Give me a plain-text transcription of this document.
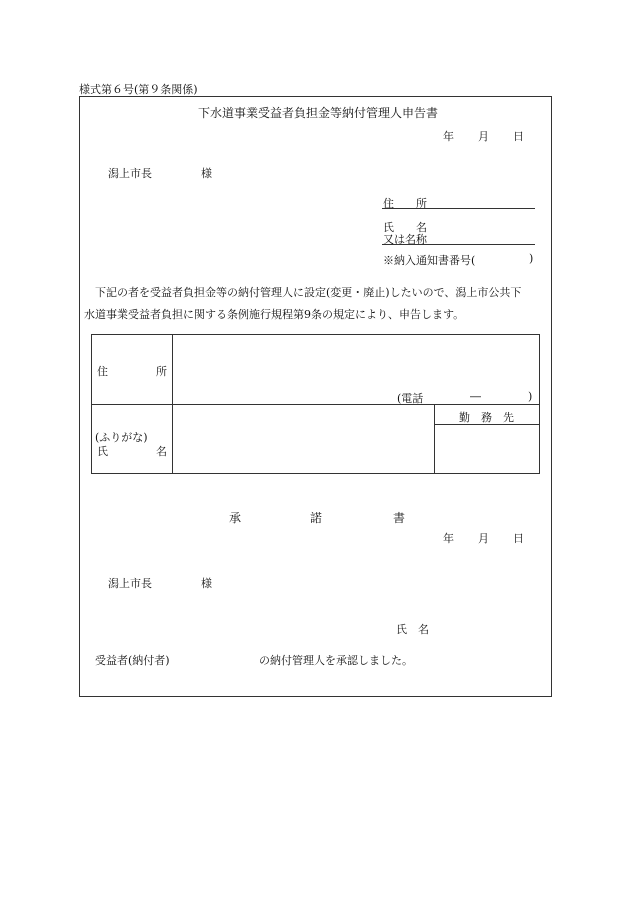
様式第６号(第９条関係)
下水道事業受益者負担金等納付管理人申告書
年 月 日
潟上市長	様
住　　所
氏　　名
又は名称
※納入通知書番号(	)
下記の者を受益者負担金等の納付管理人に設定(変更・廃止)したいので、潟上市公共下
水道事業受益者負担に関する条例施行規程第9条の規定により、申告します。
住	所
(電話	―	)
(ふりがな)
氏	名
勤　務　先
承	諾	書
年 月 日
潟上市長	様
氏　名
受益者(納付者)	の納付管理人を承認しました。
